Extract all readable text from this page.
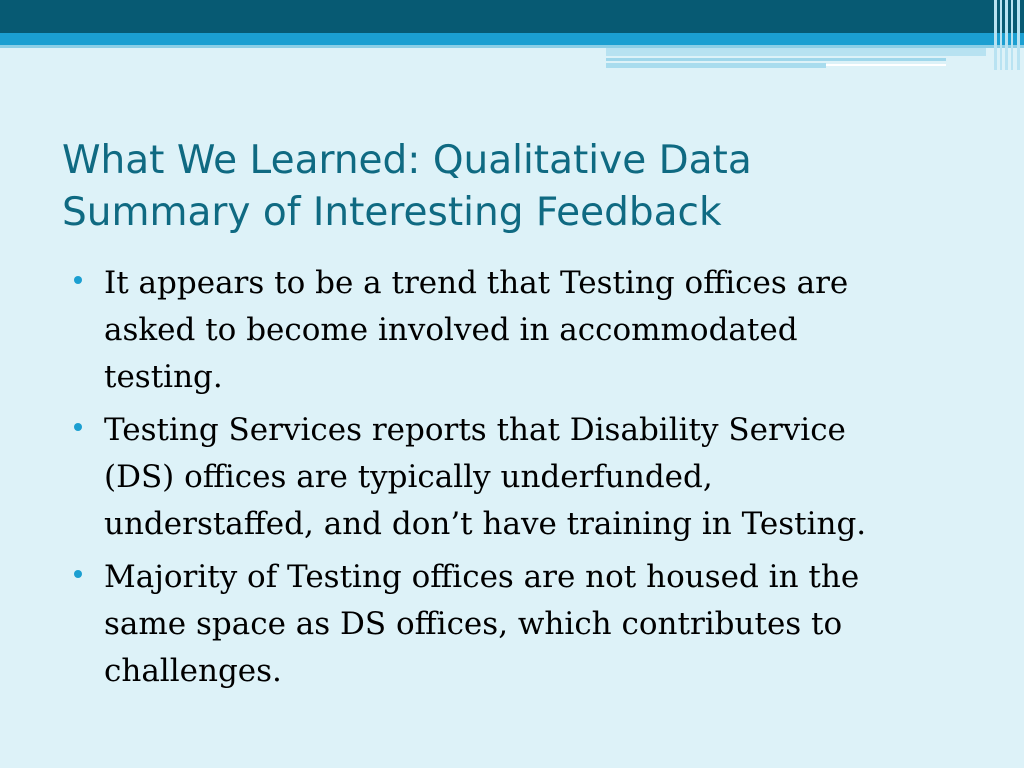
What We Learned: Qualitative Data
Summary of Interesting Feedback
It appears to be a trend that Testing offices are
asked to become involved in accommodated
testing.
Testing Services reports that Disability Service
(DS) offices are typically underfunded,
understaffed, and don’t have training in Testing.
Majority of Testing offices are not housed in the
same space as DS offices, which contributes to
challenges.
